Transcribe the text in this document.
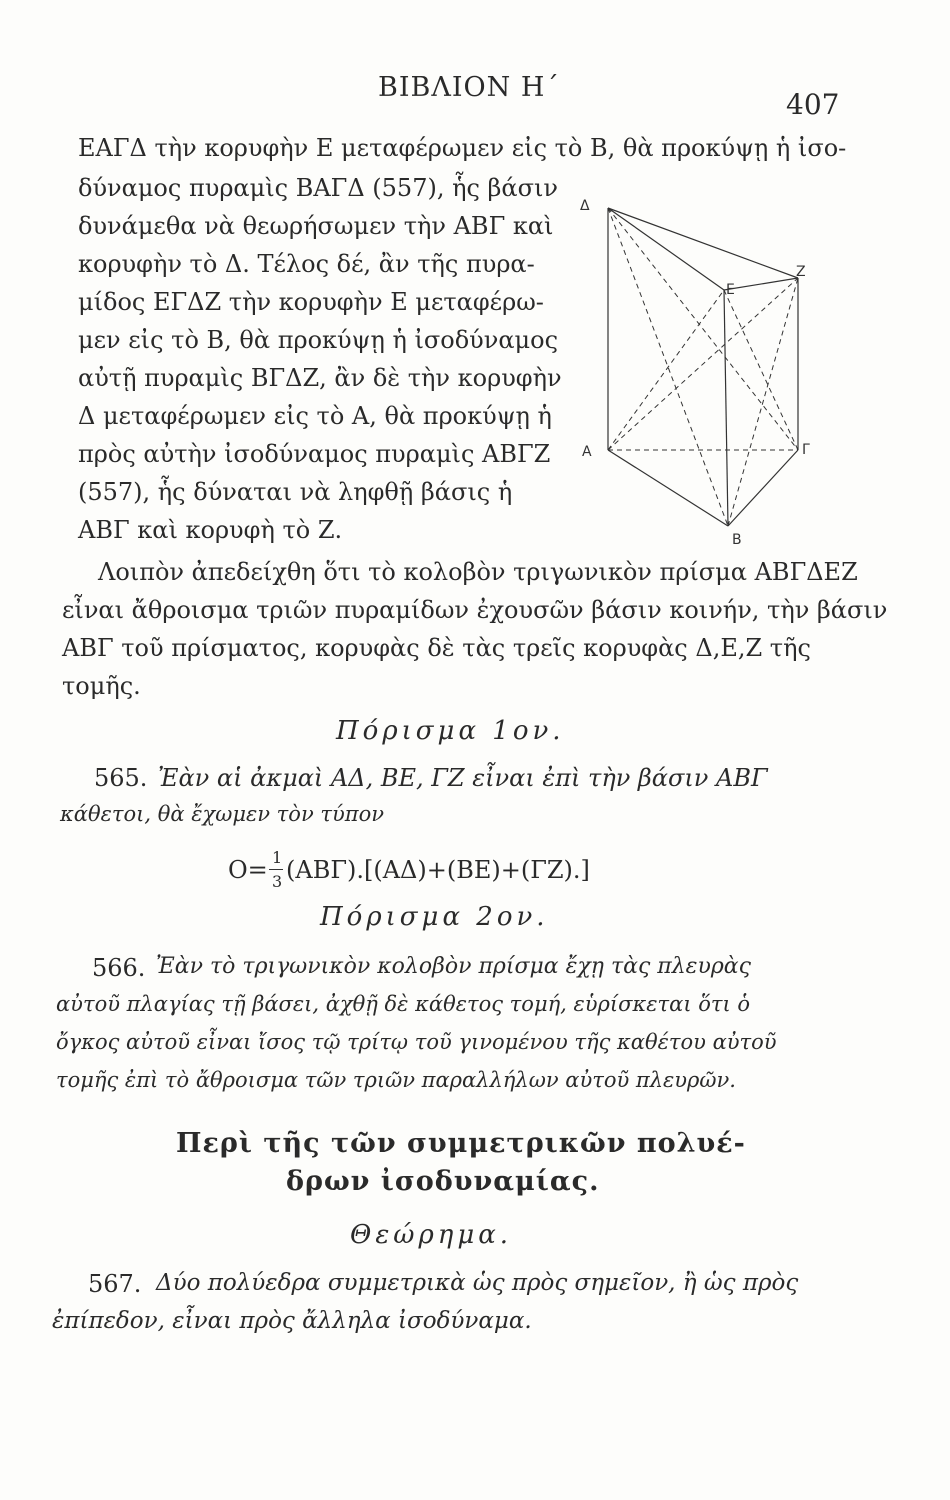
ΒΙΒΛΙΟΝ Η΄
407
ΕΑΓΔ τὴν κορυφὴν Ε μεταφέρωμεν εἰς τὸ Β, θὰ προκύψῃ ἡ ἰσο-
δύναμος πυραμὶς ΒΑΓΔ (557), ἧς βάσιν
δυνάμεθα νὰ θεωρήσωμεν τὴν ΑΒΓ καὶ
κορυφὴν τὸ Δ. Τέλος δέ, ἂν τῆς πυρα-
μίδος ΕΓΔΖ τὴν κορυφὴν Ε μεταφέρω-
μεν εἰς τὸ Β, θὰ προκύψῃ ἡ ἰσοδύναμος
αὐτῇ πυραμὶς ΒΓΔΖ, ἂν δὲ τὴν κορυφὴν
Δ μεταφέρωμεν εἰς τὸ Α, θὰ προκύψῃ ἡ
πρὸς αὐτὴν ἰσοδύναμος πυραμὶς ΑΒΓΖ
(557), ἧς δύναται νὰ ληφθῇ βάσις ἡ
ΑΒΓ καὶ κορυφὴ τὸ Ζ.
Δ
Ζ
Ε
Α	Γ
Β
Λοιπὸν ἀπεδείχθη ὅτι τὸ κολοβὸν τριγωνικὸν πρίσμα ΑΒΓΔΕΖ
εἶναι ἄθροισμα τριῶν πυραμίδων ἐχουσῶν βάσιν κοινήν, τὴν βάσιν
ΑΒΓ τοῦ πρίσματος, κορυφὰς δὲ τὰς τρεῖς κορυφὰς Δ,Ε,Ζ τῆς
τομῆς.
Πόρισμα 1ον.
565. Ἐὰν αἱ ἀκμαὶ ΑΔ, ΒΕ, ΓΖ εἶναι ἐπὶ τὴν βάσιν ΑΒΓ
κάθετοι, θὰ ἔχωμεν τὸν τύπον
Ο= 1
3 (ΑΒΓ).[(ΑΔ)+(ΒΕ)+(ΓΖ).]
Πόρισμα 2ον.
566. Ἐὰν τὸ τριγωνικὸν κολοβὸν πρίσμα ἔχῃ τὰς πλευρὰς
αὐτοῦ πλαγίας τῇ βάσει, ἀχθῇ δὲ κάθετος τομή, εὑρίσκεται ὅτι ὁ
ὄγκος αὐτοῦ εἶναι ἴσος τῷ τρίτῳ τοῦ γινομένου τῆς καθέτου αὐτοῦ
τομῆς ἐπὶ τὸ ἄθροισμα τῶν τριῶν παραλλήλων αὐτοῦ πλευρῶν.
Περὶ τῆς τῶν συμμετρικῶν πολυέ-
δρων ἰσοδυναμίας.
Θεώρημα.
567. Δύο πολύεδρα συμμετρικὰ ὡς πρὸς σημεῖον, ἢ ὡς πρὸς
ἐπίπεδον, εἶναι πρὸς ἄλληλα ἰσοδύναμα.
